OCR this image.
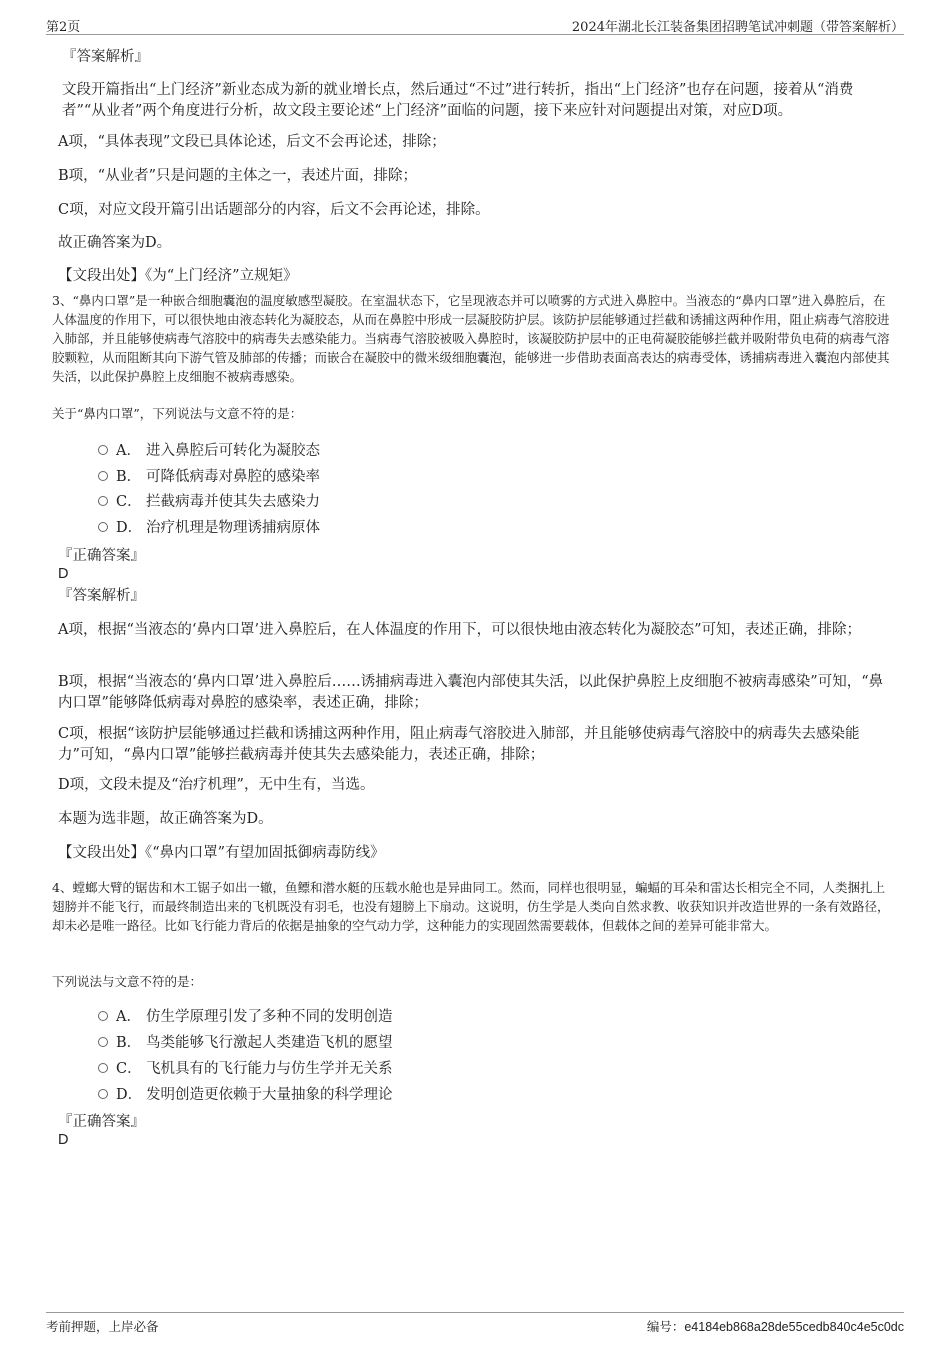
第2页	2024年湖北长江装备集团招聘笔试冲刺题（带答案解析）
『答案解析』
文段开篇指出“上门经济”新业态成为新的就业增长点，然后通过“不过”进行转折，指出“上门经济”也存在问题，接着从“消费者”“从业者”两个角度进行分析，故文段主要论述“上门经济”面临的问题，接下来应针对问题提出对策，对应D项。
A项，“具体表现”文段已具体论述，后文不会再论述，排除；
B项，“从业者”只是问题的主体之一，表述片面，排除；
C项，对应文段开篇引出话题部分的内容，后文不会再论述，排除。
故正确答案为D。
【文段出处】《为“上门经济”立规矩》
3、“鼻内口罩”是一种嵌合细胞囊泡的温度敏感型凝胶。在室温状态下，它呈现液态并可以喷雾的方式进入鼻腔中。当液态的“鼻内口罩”进入鼻腔后，在人体温度的作用下，可以很快地由液态转化为凝胶态，从而在鼻腔中形成一层凝胶防护层。该防护层能够通过拦截和诱捕这两种作用，阻止病毒气溶胶进入肺部，并且能够使病毒气溶胶中的病毒失去感染能力。当病毒气溶胶被吸入鼻腔时，该凝胶防护层中的正电荷凝胶能够拦截并吸附带负电荷的病毒气溶胶颗粒，从而阻断其向下游气管及肺部的传播；而嵌合在凝胶中的微米级细胞囊泡，能够进一步借助表面高表达的病毒受体，诱捕病毒进入囊泡内部使其失活，以此保护鼻腔上皮细胞不被病毒感染。
关于“鼻内口罩”，下列说法与文意不符的是：
A． 进入鼻腔后可转化为凝胶态
B． 可降低病毒对鼻腔的感染率
C． 拦截病毒并使其失去感染力
D． 治疗机理是物理诱捕病原体
『正确答案』
D
『答案解析』
A项，根据“当液态的‘鼻内口罩’进入鼻腔后，在人体温度的作用下，可以很快地由液态转化为凝胶态”可知，表述正确，排除；
B项，根据“当液态的‘鼻内口罩’进入鼻腔后……诱捕病毒进入囊泡内部使其失活，以此保护鼻腔上皮细胞不被病毒感染”可知，“鼻内口罩”能够降低病毒对鼻腔的感染率，表述正确，排除；
C项，根据“该防护层能够通过拦截和诱捕这两种作用，阻止病毒气溶胶进入肺部，并且能够使病毒气溶胶中的病毒失去感染能力”可知，“鼻内口罩”能够拦截病毒并使其失去感染能力，表述正确，排除；
D项，文段未提及“治疗机理”，无中生有，当选。
本题为选非题，故正确答案为D。
【文段出处】《“鼻内口罩”有望加固抵御病毒防线》
4、螳螂大臂的锯齿和木工锯子如出一辙，鱼鳔和潜水艇的压载水舱也是异曲同工。然而，同样也很明显，蝙蝠的耳朵和雷达长相完全不同，人类捆扎上翅膀并不能飞行，而最终制造出来的飞机既没有羽毛，也没有翅膀上下扇动。这说明，仿生学是人类向自然求教、收获知识并改造世界的一条有效路径，却未必是唯一路径。比如飞行能力背后的依据是抽象的空气动力学，这种能力的实现固然需要载体，但载体之间的差异可能非常大。
下列说法与文意不符的是：
A． 仿生学原理引发了多种不同的发明创造
B． 鸟类能够飞行激起人类建造飞机的愿望
C． 飞机具有的飞行能力与仿生学并无关系
D． 发明创造更依赖于大量抽象的科学理论
『正确答案』
D
考前押题，上岸必备	编号：e4184eb868a28de55cedb840c4e5c0dc
